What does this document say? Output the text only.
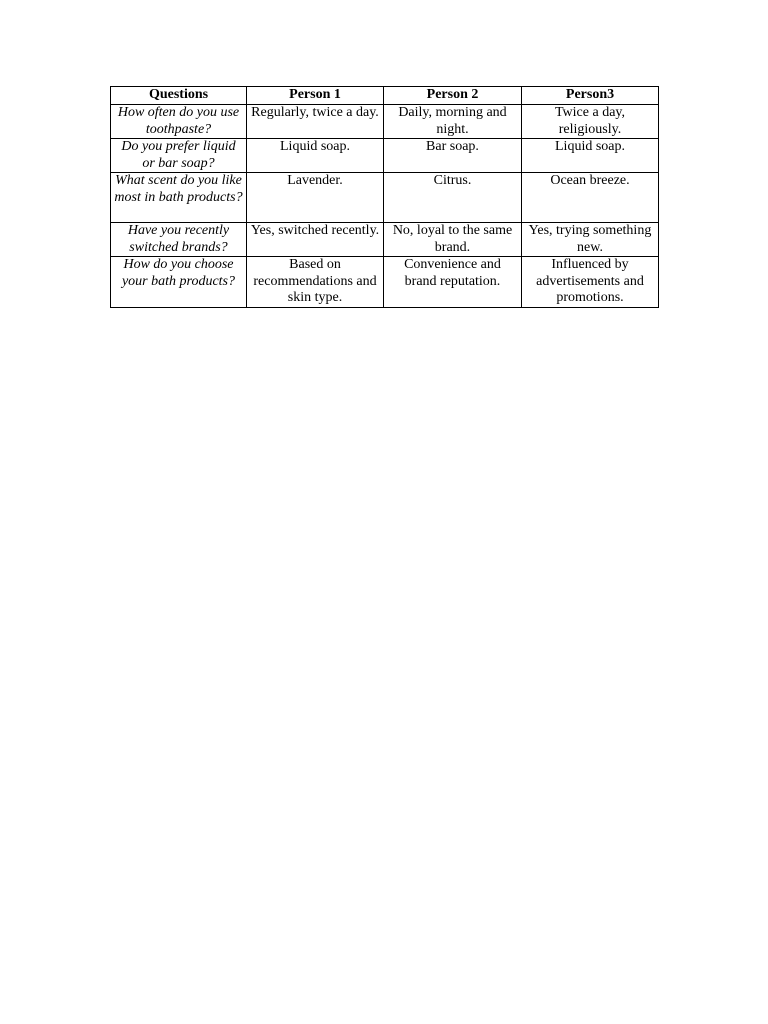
Questions	Person 1	Person 2	Person3
How often do you use toothpaste?	Regularly, twice a day.	Daily, morning and night.	Twice a day, religiously.
Do you prefer liquid or bar soap?	Liquid soap.	Bar soap.	Liquid soap.
What scent do you like most in bath products?	Lavender.	Citrus.	Ocean breeze.
Have you recently switched brands?	Yes, switched recently.	No, loyal to the same brand.	Yes, trying something new.
How do you choose your bath products?	Based on recommendations and skin type.	Convenience and brand reputation.	Influenced by advertisements and promotions.
